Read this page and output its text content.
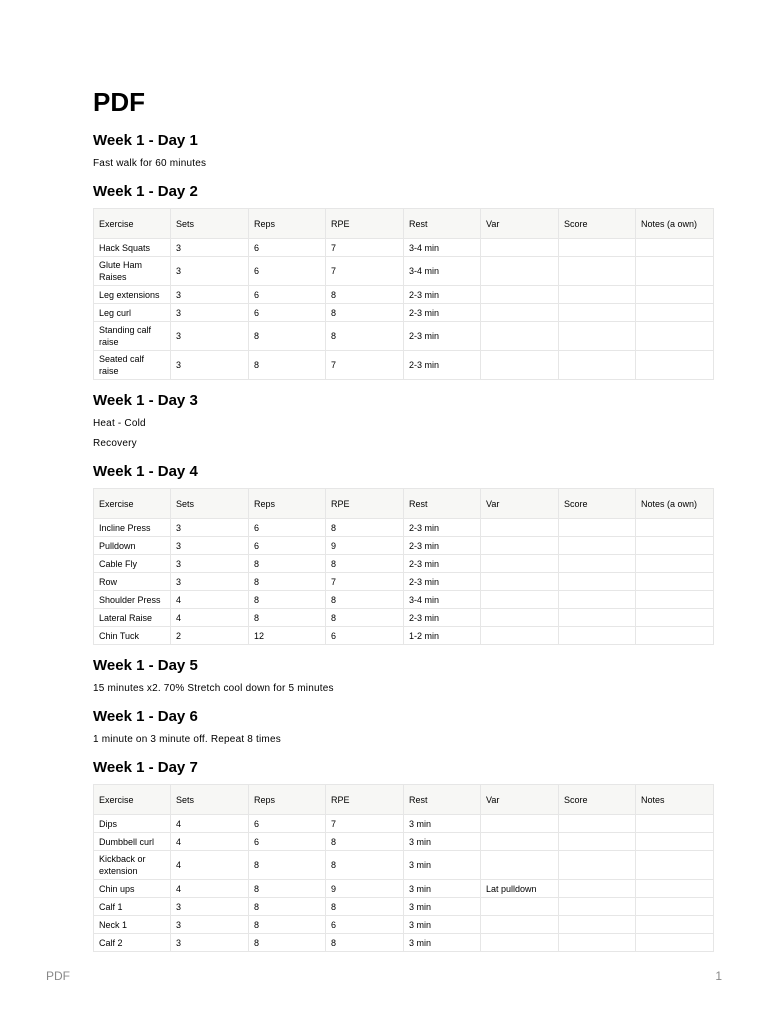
PDF
Week 1 - Day 1

Fast walk for 60 minutes

Week 1 - Day 2
Exercise	Sets	Reps	RPE	Rest	Var	Score	Notes (a own)
Hack Squats	3	6	7	3-4 min			
Glute Ham Raises	3	6	7	3-4 min			
Leg extensions	3	6	8	2-3 min			
Leg curl	3	6	8	2-3 min			
Standing calf raise	3	8	8	2-3 min			
Seated calf raise	3	8	7	2-3 min			
Week 1 - Day 3

Heat - Cold

Recovery

Week 1 - Day 4
Exercise	Sets	Reps	RPE	Rest	Var	Score	Notes (a own)
Incline Press	3	6	8	2-3 min			
Pulldown	3	6	9	2-3 min			
Cable Fly	3	8	8	2-3 min			
Row	3	8	7	2-3 min			
Shoulder Press	4	8	8	3-4 min			
Lateral Raise	4	8	8	2-3 min			
Chin Tuck	2	12	6	1-2 min			
Week 1 - Day 5

15 minutes x2. 70% Stretch cool down for 5 minutes

Week 1 - Day 6

1 minute on 3 minute off. Repeat 8 times

Week 1 - Day 7
Exercise	Sets	Reps	RPE	Rest	Var	Score	Notes
Dips	4	6	7	3 min			
Dumbbell curl	4	6	8	3 min			
Kickback or extension	4	8	8	3 min			
Chin ups	4	8	9	3 min	Lat pulldown		
Calf 1	3	8	8	3 min			
Neck 1	3	8	6	3 min			
Calf 2	3	8	8	3 min			
PDF	1
